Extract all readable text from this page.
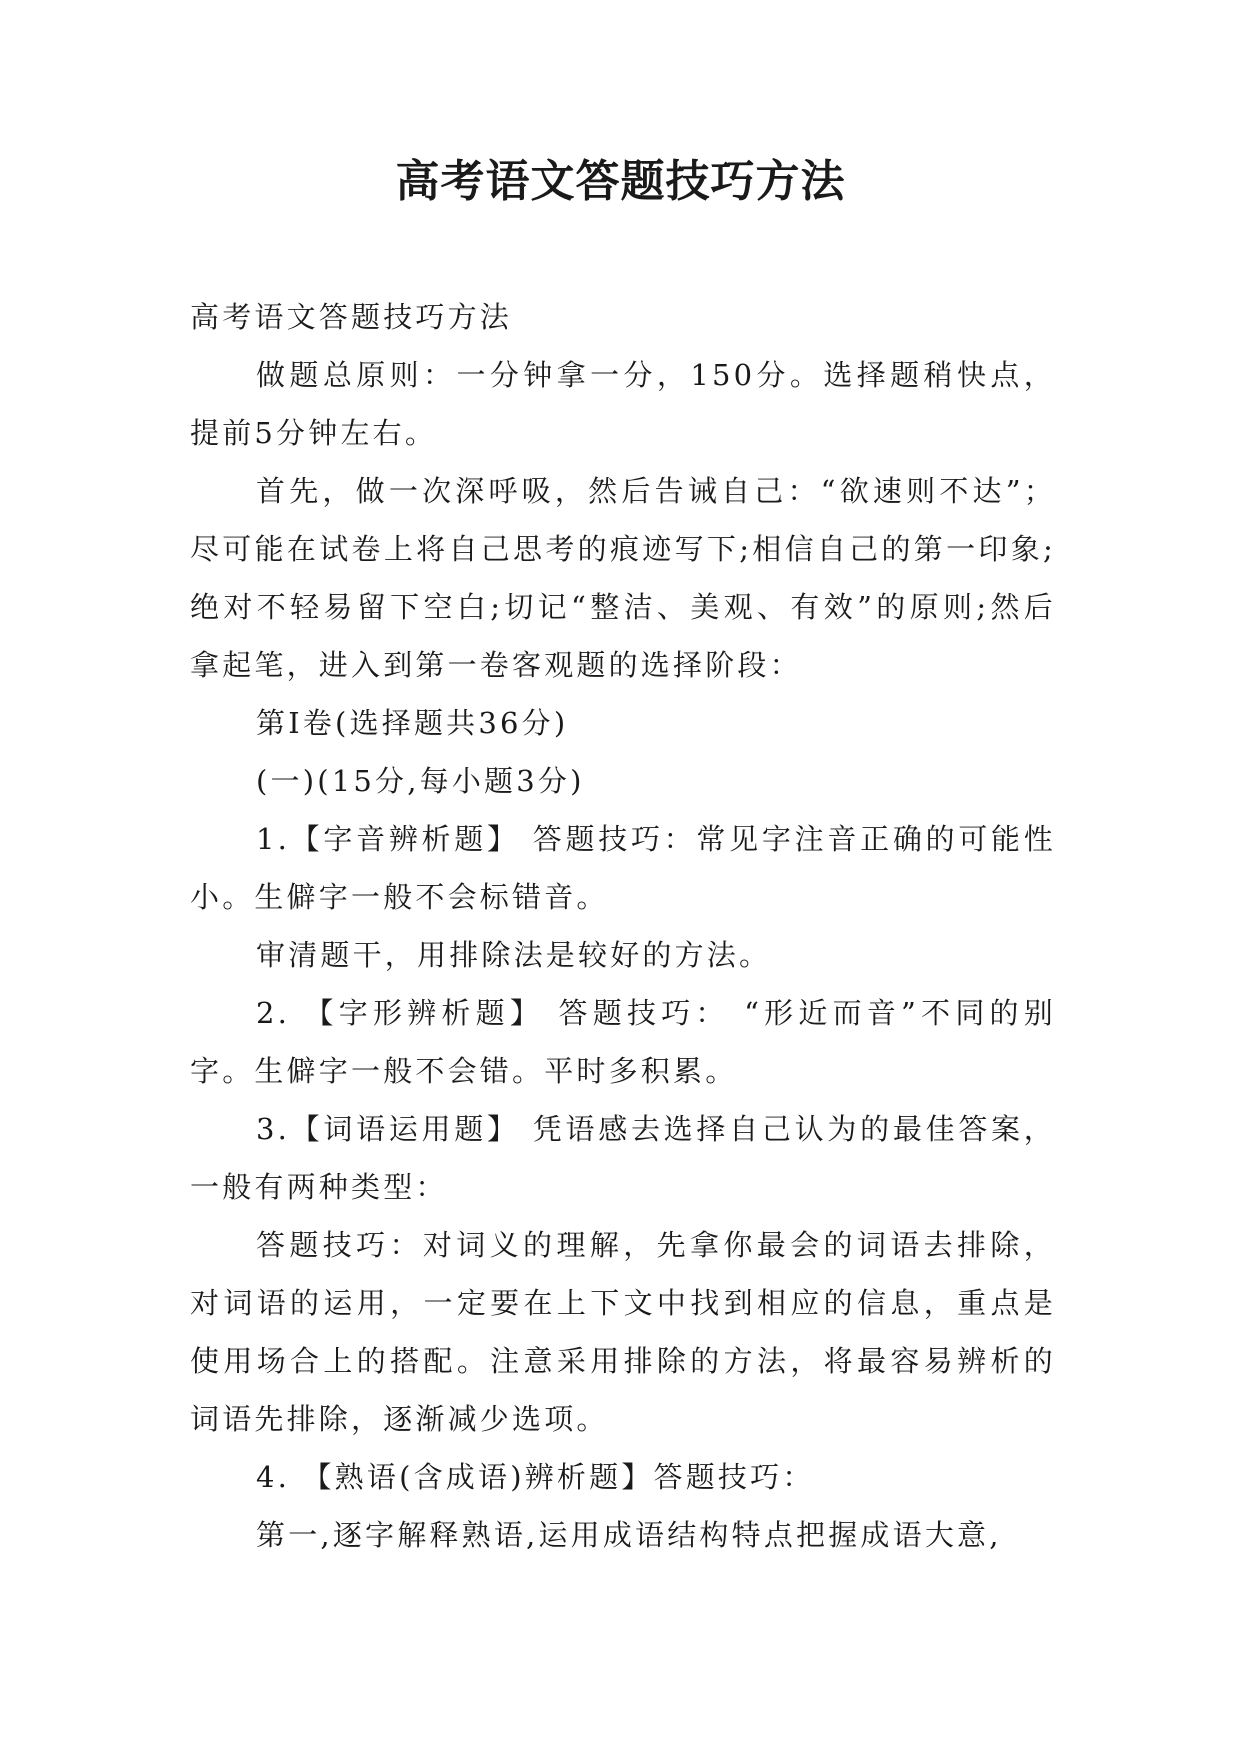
高考语文答题技巧方法

高考语文答题技巧方法

做题总原则：一分钟拿一分，150分。选择题稍快点，提前5分钟左右。

首先，做一次深呼吸，然后告诫自己：“欲速则不达”；尽可能在试卷上将自己思考的痕迹写下;相信自己的第一印象;绝对不轻易留下空白;切记“整洁、美观、有效”的原则;然后拿起笔，进入到第一卷客观题的选择阶段：

第Ⅰ卷(选择题共36分)

(一)(15分,每小题3分)

1.【字音辨析题】 答题技巧：常见字注音正确的可能性小。生僻字一般不会标错音。

审清题干，用排除法是较好的方法。

2. 【字形辨析题】 答题技巧： “形近而音”不同的别字。生僻字一般不会错。平时多积累。

3.【词语运用题】 凭语感去选择自己认为的最佳答案，一般有两种类型：

答题技巧：对词义的理解，先拿你最会的词语去排除，对词语的运用，一定要在上下文中找到相应的信息，重点是使用场合上的搭配。注意采用排除的方法，将最容易辨析的词语先排除，逐渐减少选项。

4. 【熟语(含成语)辨析题】答题技巧：

第一,逐字解释熟语,运用成语结构特点把握成语大意,
